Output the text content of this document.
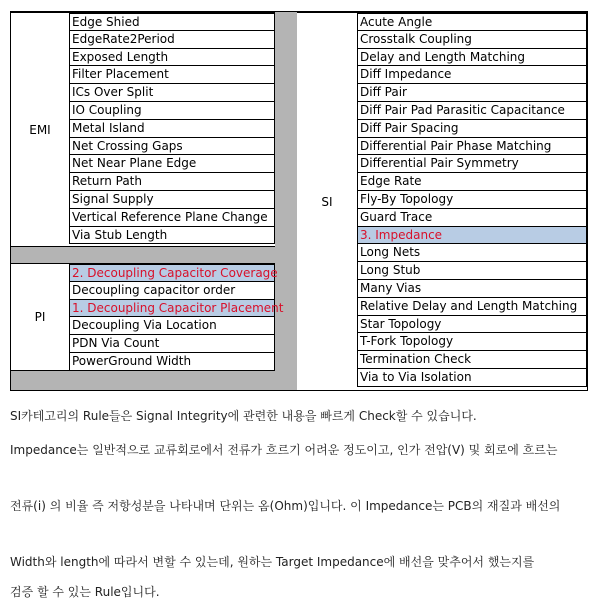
EMI
Edge Shied
EdgeRate2Period
Exposed Length
Filter Placement
ICs Over Split
IO Coupling
Metal Island
Net Crossing Gaps
Net Near Plane Edge
Return Path
Signal Supply
Vertical Reference Plane Change
Via Stub Length
PI
2. Decoupling Capacitor Coverage
Decoupling capacitor order
1. Decoupling Capacitor Placement
Decoupling Via Location
PDN Via Count
PowerGround Width
SI
Acute Angle
Crosstalk Coupling
Delay and Length Matching
Diff Impedance
Diff Pair
Diff Pair Pad Parasitic Capacitance
Diff Pair Spacing
Differential Pair Phase Matching
Differential Pair Symmetry
Edge Rate
Fly-By Topology
Guard Trace
3. Impedance
Long Nets
Long Stub
Many Vias
Relative Delay and Length Matching
Star Topology
T-Fork Topology
Termination Check
Via to Via Isolation
SI카테고리의 Rule들은 Signal Integrity에 관련한 내용을 빠르게 Check할 수 있습니다.
Impedance는 일반적으로 교류회로에서 전류가 흐르기 어려운 정도이고, 인가 전압(V) 및 회로에 흐르는
전류(i) 의 비율 즉 저항성분을 나타내며 단위는 옴(Ohm)입니다. 이 Impedance는 PCB의 재질과 배선의
Width와 length에 따라서 변할 수 있는데, 원하는 Target Impedance에 배선을 맞추어서 했는지를
검증 할 수 있는 Rule입니다.
